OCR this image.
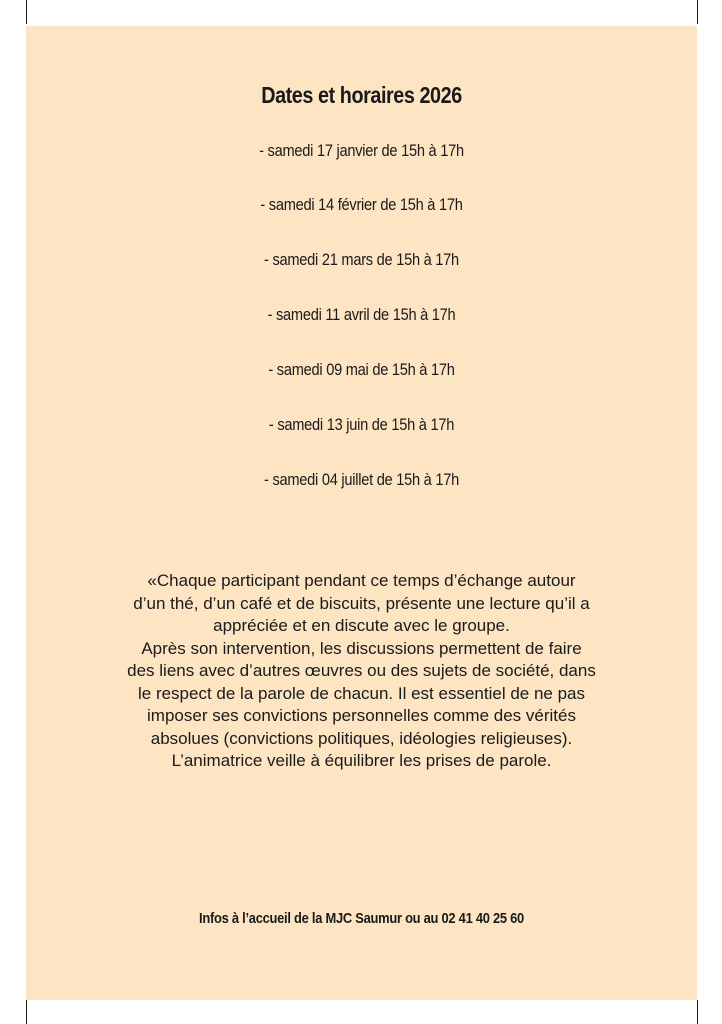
Dates et horaires 2026
- samedi 17 janvier de 15h à 17h
- samedi 14 février de 15h à 17h
- samedi 21 mars de 15h à 17h
- samedi 11 avril de 15h à 17h
- samedi 09 mai de 15h à 17h
- samedi 13 juin de 15h à 17h
- samedi 04 juillet de 15h à 17h

«Chaque participant pendant ce temps d’échange autour
d’un thé, d’un café et de biscuits, présente une lecture qu’il a
appréciée et en discute avec le groupe.
Après son intervention, les discussions permettent de faire
des liens avec d’autres œuvres ou des sujets de société, dans
le respect de la parole de chacun. Il est essentiel de ne pas
imposer ses convictions personnelles comme des vérités
absolues (convictions politiques, idéologies religieuses).
L’animatrice veille à équilibrer les prises de parole.

Infos à l’accueil de la MJC Saumur ou au 02 41 40 25 60
